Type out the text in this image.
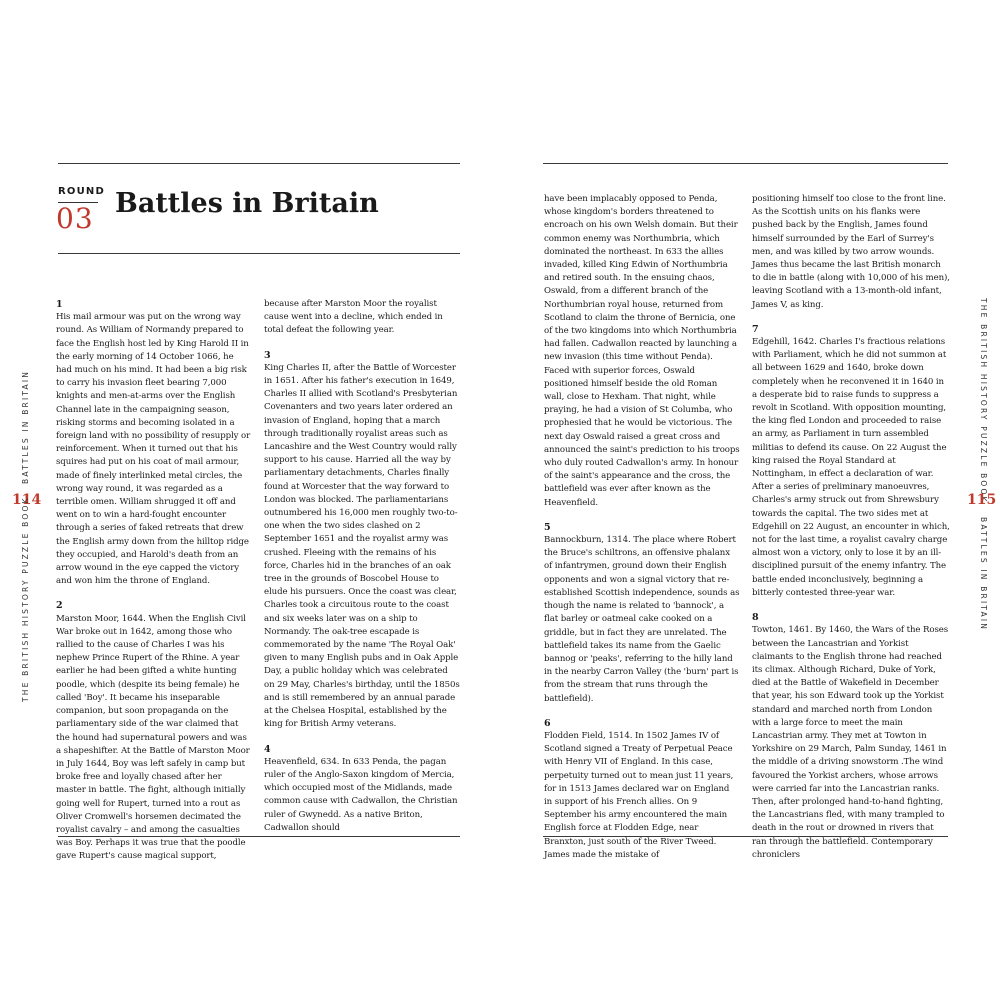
ROUND
03 Battles in Britain
BATTLES IN BRITAIN
114
THE BRITISH HISTORY PUZZLE BOOK
THE BRITISH HISTORY PUZZLE BOOK
115
BATTLES IN BRITAIN

1
His mail armour was put on the wrong way round. As William of Normandy prepared to face the English host led by King Harold II in the early morning of 14 October 1066, he had much on his mind. It had been a big risk to carry his invasion fleet bearing 7,000 knights and men-at-arms over the English Channel late in the campaigning season, risking storms and becoming isolated in a foreign land with no possibility of resupply or reinforcement. When it turned out that his squires had put on his coat of mail armour, made of finely interlinked metal circles, the wrong way round, it was regarded as a terrible omen. William shrugged it off and went on to win a hard-fought encounter through a series of faked retreats that drew the English army down from the hilltop ridge they occupied, and Harold's death from an arrow wound in the eye capped the victory and won him the throne of England.

2
Marston Moor, 1644. When the English Civil War broke out in 1642, among those who rallied to the cause of Charles I was his nephew Prince Rupert of the Rhine. A year earlier he had been gifted a white hunting poodle, which (despite its being female) he called 'Boy'. It became his inseparable companion, but soon propaganda on the parliamentary side of the war claimed that the hound had supernatural powers and was a shapeshifter. At the Battle of Marston Moor in July 1644, Boy was left safely in camp but broke free and loyally chased after her master in battle. The fight, although initially going well for Rupert, turned into a rout as Oliver Cromwell's horsemen decimated the royalist cavalry – and among the casualties was Boy. Perhaps it was true that the poodle gave Rupert's cause magical support,

because after Marston Moor the royalist cause went into a decline, which ended in total defeat the following year.

3
King Charles II, after the Battle of Worcester in 1651. After his father's execution in 1649, Charles II allied with Scotland's Presbyterian Covenanters and two years later ordered an invasion of England, hoping that a march through traditionally royalist areas such as Lancashire and the West Country would rally support to his cause. Harried all the way by parliamentary detachments, Charles finally found at Worcester that the way forward to London was blocked. The parliamentarians outnumbered his 16,000 men roughly two-to-one when the two sides clashed on 2 September 1651 and the royalist army was crushed. Fleeing with the remains of his force, Charles hid in the branches of an oak tree in the grounds of Boscobel House to elude his pursuers. Once the coast was clear, Charles took a circuitous route to the coast and six weeks later was on a ship to Normandy. The oak-tree escapade is commemorated by the name 'The Royal Oak' given to many English pubs and in Oak Apple Day, a public holiday which was celebrated on 29 May, Charles's birthday, until the 1850s and is still remembered by an annual parade at the Chelsea Hospital, established by the king for British Army veterans.

4
Heavenfield, 634. In 633 Penda, the pagan ruler of the Anglo-Saxon kingdom of Mercia, which occupied most of the Midlands, made common cause with Cadwallon, the Christian ruler of Gwynedd. As a native Briton, Cadwallon should

have been implacably opposed to Penda, whose kingdom's borders threatened to encroach on his own Welsh domain. But their common enemy was Northumbria, which dominated the northeast. In 633 the allies invaded, killed King Edwin of Northumbria and retired south. In the ensuing chaos, Oswald, from a different branch of the Northumbrian royal house, returned from Scotland to claim the throne of Bernicia, one of the two kingdoms into which Northumbria had fallen. Cadwallon reacted by launching a new invasion (this time without Penda). Faced with superior forces, Oswald positioned himself beside the old Roman wall, close to Hexham. That night, while praying, he had a vision of St Columba, who prophesied that he would be victorious. The next day Oswald raised a great cross and announced the saint's prediction to his troops who duly routed Cadwallon's army. In honour of the saint's appearance and the cross, the battlefield was ever after known as the Heavenfield.

5
Bannockburn, 1314. The place where Robert the Bruce's schiltrons, an offensive phalanx of infantrymen, ground down their English opponents and won a signal victory that re-established Scottish independence, sounds as though the name is related to 'bannock', a flat barley or oatmeal cake cooked on a griddle, but in fact they are unrelated. The battlefield takes its name from the Gaelic bannog or 'peaks', referring to the hilly land in the nearby Carron Valley (the 'burn' part is from the stream that runs through the battlefield).

6
Flodden Field, 1514. In 1502 James IV of Scotland signed a Treaty of Perpetual Peace with Henry VII of England. In this case, perpetuity turned out to mean just 11 years, for in 1513 James declared war on England in support of his French allies. On 9 September his army encountered the main English force at Flodden Edge, near Branxton, just south of the River Tweed. James made the mistake of

positioning himself too close to the front line. As the Scottish units on his flanks were pushed back by the English, James found himself surrounded by the Earl of Surrey's men, and was killed by two arrow wounds. James thus became the last British monarch to die in battle (along with 10,000 of his men), leaving Scotland with a 13-month-old infant, James V, as king.

7
Edgehill, 1642. Charles I's fractious relations with Parliament, which he did not summon at all between 1629 and 1640, broke down completely when he reconvened it in 1640 in a desperate bid to raise funds to suppress a revolt in Scotland. With opposition mounting, the king fled London and proceeded to raise an army, as Parliament in turn assembled militias to defend its cause. On 22 August the king raised the Royal Standard at Nottingham, in effect a declaration of war. After a series of preliminary manoeuvres, Charles's army struck out from Shrewsbury towards the capital. The two sides met at Edgehill on 22 August, an encounter in which, not for the last time, a royalist cavalry charge almost won a victory, only to lose it by an ill-disciplined pursuit of the enemy infantry. The battle ended inconclusively, beginning a bitterly contested three-year war.

8
Towton, 1461. By 1460, the Wars of the Roses between the Lancastrian and Yorkist claimants to the English throne had reached its climax. Although Richard, Duke of York, died at the Battle of Wakefield in December that year, his son Edward took up the Yorkist standard and marched north from London with a large force to meet the main Lancastrian army. They met at Towton in Yorkshire on 29 March, Palm Sunday, 1461 in the middle of a driving snowstorm .The wind favoured the Yorkist archers, whose arrows were carried far into the Lancastrian ranks. Then, after prolonged hand-to-hand fighting, the Lancastrians fled, with many trampled to death in the rout or drowned in rivers that ran through the battlefield. Contemporary chroniclers
